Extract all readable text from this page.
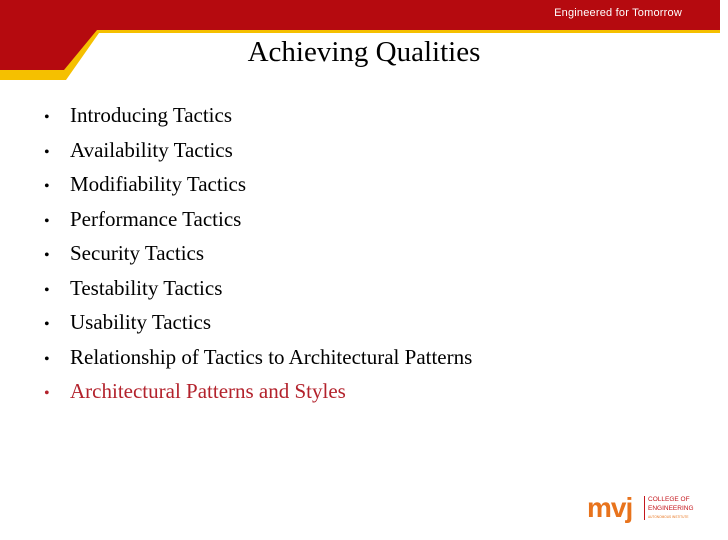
Engineered for Tomorrow
Achieving Qualities
• Introducing Tactics
• Availability Tactics
• Modifiability Tactics
• Performance Tactics
• Security Tactics
• Testability Tactics
• Usability Tactics
• Relationship of Tactics to Architectural Patterns
• Architectural Patterns and Styles
mvj COLLEGE OF
ENGINEERING
AUTONOMOUS INSTITUTE
